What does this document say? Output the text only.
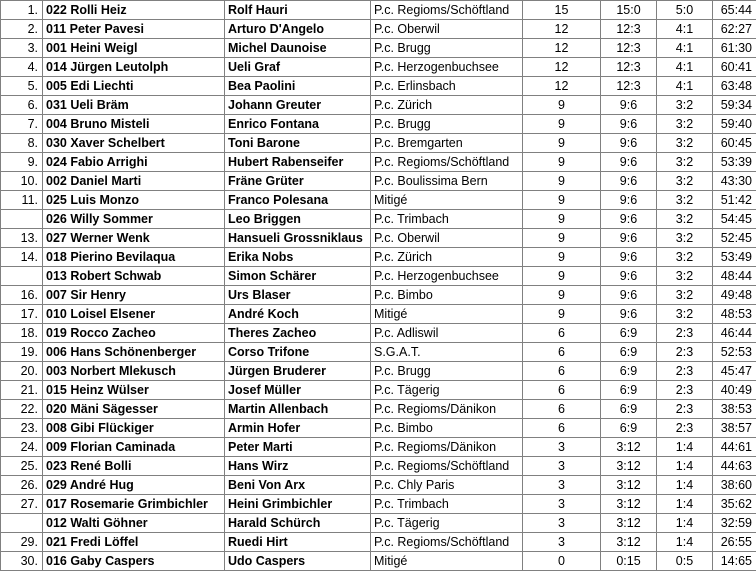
1.	022 Rolli Heiz	Rolf Hauri	P.c. Regioms/Schöftland	15	15:0	5:0	65:44
2.	011 Peter Pavesi	Arturo D'Angelo	P.c. Oberwil	12	12:3	4:1	62:27
3.	001 Heini Weigl	Michel Daunoise	P.c. Brugg	12	12:3	4:1	61:30
4.	014 Jürgen Leutolph	Ueli Graf	P.c. Herzogenbuchsee	12	12:3	4:1	60:41
5.	005 Edi Liechti	Bea Paolini	P.c. Erlinsbach	12	12:3	4:1	63:48
6.	031 Ueli Bräm	Johann Greuter	P.c. Zürich	9	9:6	3:2	59:34
7.	004 Bruno Misteli	Enrico Fontana	P.c. Brugg	9	9:6	3:2	59:40
8.	030 Xaver Schelbert	Toni Barone	P.c. Bremgarten	9	9:6	3:2	60:45
9.	024 Fabio Arrighi	Hubert Rabenseifer	P.c. Regioms/Schöftland	9	9:6	3:2	53:39
10.	002 Daniel Marti	Fräne Grüter	P.c. Boulissima Bern	9	9:6	3:2	43:30
11.	025 Luis Monzo	Franco Polesana	Mitigé	9	9:6	3:2	51:42
	026 Willy Sommer	Leo Briggen	P.c. Trimbach	9	9:6	3:2	54:45
13.	027 Werner Wenk	Hansueli Grossniklaus	P.c. Oberwil	9	9:6	3:2	52:45
14.	018 Pierino Bevilaqua	Erika Nobs	P.c. Zürich	9	9:6	3:2	53:49
	013 Robert Schwab	Simon Schärer	P.c. Herzogenbuchsee	9	9:6	3:2	48:44
16.	007 Sir Henry	Urs Blaser	P.c. Bimbo	9	9:6	3:2	49:48
17.	010 Loisel Elsener	André Koch	Mitigé	9	9:6	3:2	48:53
18.	019 Rocco Zacheo	Theres Zacheo	P.c. Adliswil	6	6:9	2:3	46:44
19.	006 Hans Schönenberger	Corso Trifone	S.G.A.T.	6	6:9	2:3	52:53
20.	003 Norbert Mlekusch	Jürgen Bruderer	P.c. Brugg	6	6:9	2:3	45:47
21.	015 Heinz Wülser	Josef Müller	P.c. Tägerig	6	6:9	2:3	40:49
22.	020 Mäni Sägesser	Martin Allenbach	P.c. Regioms/Dänikon	6	6:9	2:3	38:53
23.	008 Gibi Flückiger	Armin Hofer	P.c. Bimbo	6	6:9	2:3	38:57
24.	009 Florian Caminada	Peter Marti	P.c. Regioms/Dänikon	3	3:12	1:4	44:61
25.	023 René Bolli	Hans Wirz	P.c. Regioms/Schöftland	3	3:12	1:4	44:63
26.	029 André Hug	Beni Von Arx	P.c. Chly Paris	3	3:12	1:4	38:60
27.	017 Rosemarie Grimbichler	Heini Grimbichler	P.c. Trimbach	3	3:12	1:4	35:62
	012 Walti Göhner	Harald Schürch	P.c. Tägerig	3	3:12	1:4	32:59
29.	021 Fredi Löffel	Ruedi Hirt	P.c. Regioms/Schöftland	3	3:12	1:4	26:55
30.	016 Gaby Caspers	Udo Caspers	Mitigé	0	0:15	0:5	14:65
